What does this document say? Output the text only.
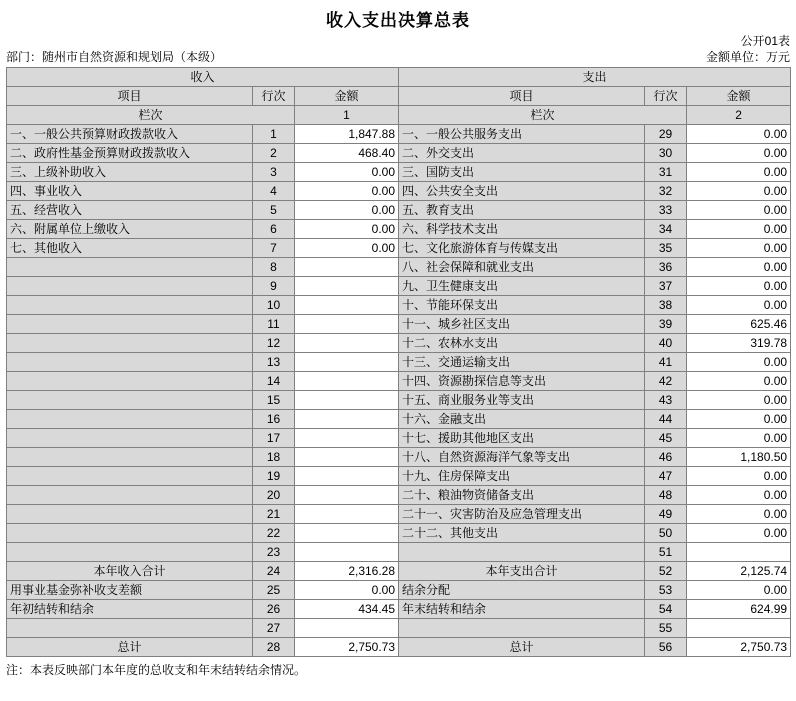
收入支出决算总表
公开01表
部门：随州市自然资源和规划局（本级）	金额单位：万元
收入			支出		
项目	行次	金额	项目	行次	金额
栏次		1	栏次		2
一、一般公共预算财政拨款收入	1	1,847.88	一、一般公共服务支出	29	0.00
二、政府性基金预算财政拨款收入	2	468.40	二、外交支出	30	0.00
三、上级补助收入	3	0.00	三、国防支出	31	0.00
四、事业收入	4	0.00	四、公共安全支出	32	0.00
五、经营收入	5	0.00	五、教育支出	33	0.00
六、附属单位上缴收入	6	0.00	六、科学技术支出	34	0.00
七、其他收入	7	0.00	七、文化旅游体育与传媒支出	35	0.00
	8		八、社会保障和就业支出	36	0.00
	9		九、卫生健康支出	37	0.00
	10		十、节能环保支出	38	0.00
	11		十一、城乡社区支出	39	625.46
	12		十二、农林水支出	40	319.78
	13		十三、交通运输支出	41	0.00
	14		十四、资源勘探信息等支出	42	0.00
	15		十五、商业服务业等支出	43	0.00
	16		十六、金融支出	44	0.00
	17		十七、援助其他地区支出	45	0.00
	18		十八、自然资源海洋气象等支出	46	1,180.50
	19		十九、住房保障支出	47	0.00
	20		二十、粮油物资储备支出	48	0.00
	21		二十一、灾害防治及应急管理支出	49	0.00
	22		二十二、其他支出	50	0.00
	23			51	
本年收入合计	24	2,316.28	本年支出合计	52	2,125.74
用事业基金弥补收支差额	25	0.00	结余分配	53	0.00
年初结转和结余	26	434.45	年末结转和结余	54	624.99
	27			55	
总计	28	2,750.73	总计	56	2,750.73
注：本表反映部门本年度的总收支和年末结转结余情况。
